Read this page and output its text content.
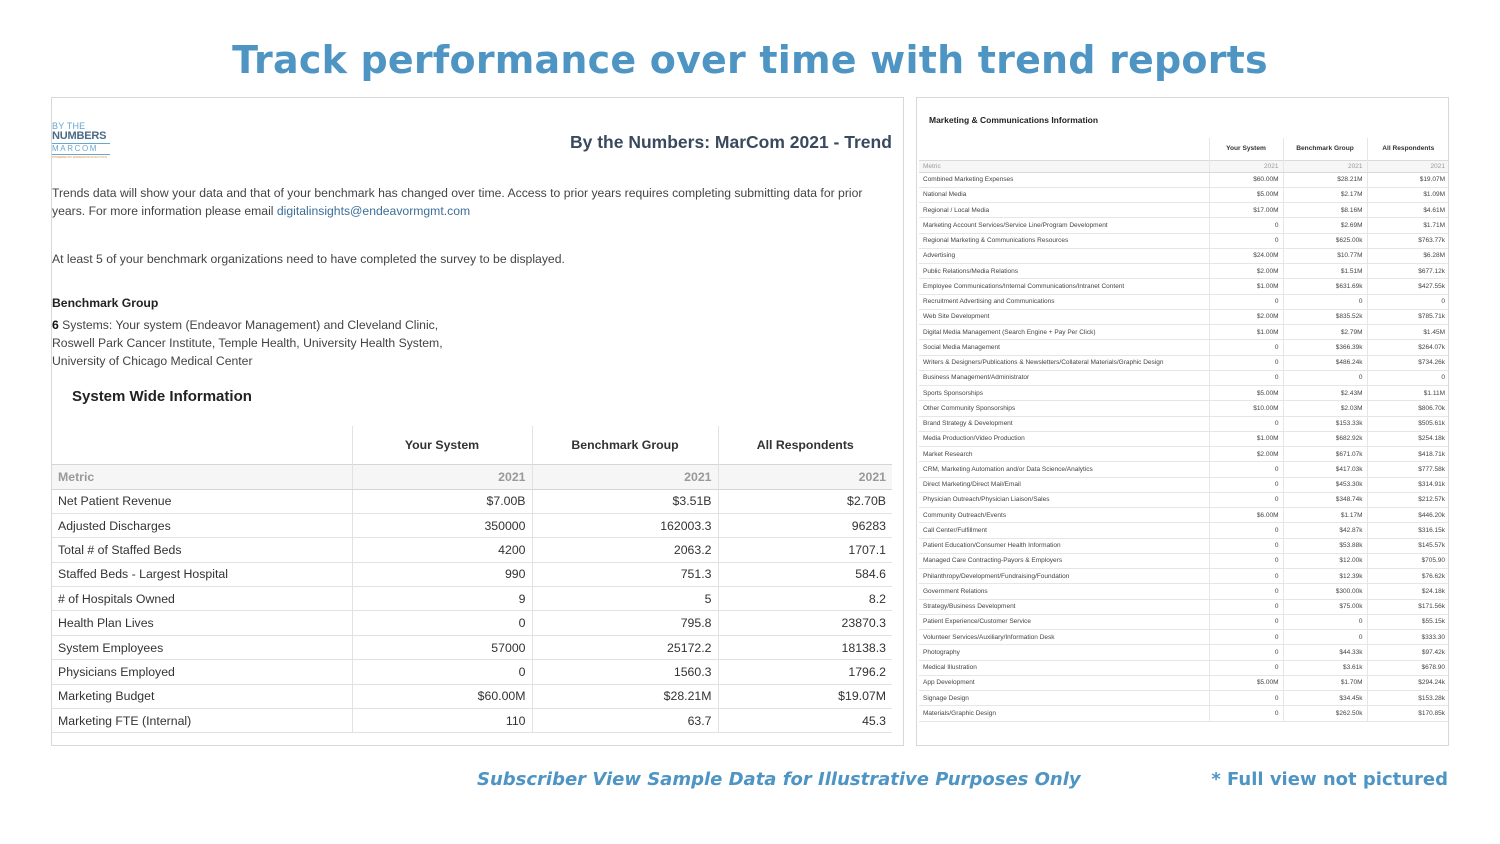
Track performance over time with trend reports
BY THE
NUMBERS
MARCOM
POWERED BY ENDEAVOR ANALYTICS
By the Numbers: MarCom 2021 - Trend
Trends data will show your data and that of your benchmark has changed over time. Access to prior years requires completing submitting data for prior years. For more information please email digitalinsights@endeavormgmt.com
At least 5 of your benchmark organizations need to have completed the survey to be displayed.
Benchmark Group
6 Systems: Your system (Endeavor Management) and Cleveland Clinic, Roswell Park Cancer Institute, Temple Health, University Health System, University of Chicago Medical Center
System Wide Information
	Your System	Benchmark Group	All Respondents
Metric	2021	2021	2021
Net Patient Revenue	$7.00B	$3.51B	$2.70B
Adjusted Discharges	350000	162003.3	96283
Total # of Staffed Beds	4200	2063.2	1707.1
Staffed Beds - Largest Hospital	990	751.3	584.6
# of Hospitals Owned	9	5	8.2
Health Plan Lives	0	795.8	23870.3
System Employees	57000	25172.2	18138.3
Physicians Employed	0	1560.3	1796.2
Marketing Budget	$60.00M	$28.21M	$19.07M
Marketing FTE (Internal)	110	63.7	45.3
Marketing & Communications Information
	Your System	Benchmark Group	All Respondents
Metric	2021	2021	2021
Combined Marketing Expenses	$60.00M	$28.21M	$19.07M
National Media	$5.00M	$2.17M	$1.09M
Regional / Local Media	$17.00M	$8.16M	$4.61M
Marketing Account Services/Service Line/Program Development	0	$2.69M	$1.71M
Regional Marketing & Communications Resources	0	$625.00k	$763.77k
Advertising	$24.00M	$10.77M	$6.28M
Public Relations/Media Relations	$2.00M	$1.51M	$677.12k
Employee Communications/Internal Communications/Intranet Content	$1.00M	$631.69k	$427.55k
Recruitment Advertising and Communications	0	0	0
Web Site Development	$2.00M	$835.52k	$785.71k
Digital Media Management (Search Engine + Pay Per Click)	$1.00M	$2.79M	$1.45M
Social Media Management	0	$366.39k	$264.07k
Writers & Designers/Publications & Newsletters/Collateral Materials/Graphic Design	0	$486.24k	$734.26k
Business Management/Administrator	0	0	0
Sports Sponsorships	$5.00M	$2.43M	$1.11M
Other Community Sponsorships	$10.00M	$2.03M	$806.70k
Brand Strategy & Development	0	$153.33k	$505.61k
Media Production/Video Production	$1.00M	$682.92k	$254.18k
Market Research	$2.00M	$671.07k	$418.71k
CRM, Marketing Automation and/or Data Science/Analytics	0	$417.03k	$777.58k
Direct Marketing/Direct Mail/Email	0	$453.30k	$314.91k
Physician Outreach/Physician Liaison/Sales	0	$348.74k	$212.57k
Community Outreach/Events	$6.00M	$1.17M	$446.20k
Call Center/Fulfillment	0	$42.87k	$316.15k
Patient Education/Consumer Health Information	0	$53.88k	$145.57k
Managed Care Contracting-Payors & Employers	0	$12.00k	$705.90
Philanthropy/Development/Fundraising/Foundation	0	$12.39k	$76.62k
Government Relations	0	$300.00k	$24.18k
Strategy/Business Development	0	$75.00k	$171.56k
Patient Experience/Customer Service	0	0	$55.15k
Volunteer Services/Auxiliary/Information Desk	0	0	$333.30
Photography	0	$44.33k	$97.42k
Medical Illustration	0	$3.61k	$678.90
App Development	$5.00M	$1.70M	$294.24k
Signage Design	0	$34.45k	$153.28k
Materials/Graphic Design	0	$262.50k	$170.85k
Subscriber View Sample Data for Illustrative Purposes Only	* Full view not pictured
